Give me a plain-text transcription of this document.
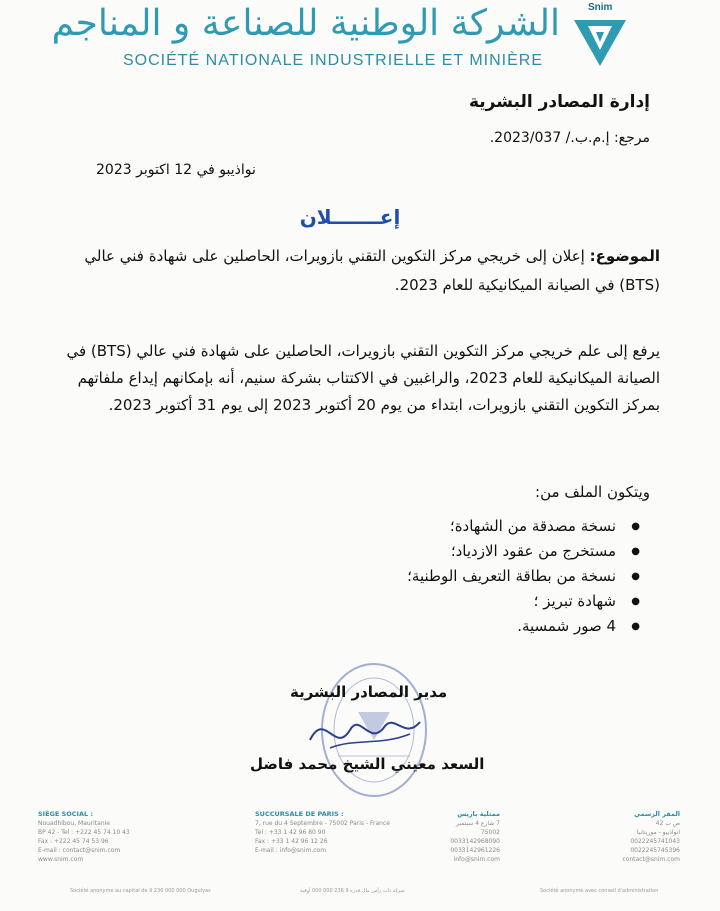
الشركة الوطنية للصناعة و المناجم
SOCIÉTÉ NATIONALE INDUSTRIELLE ET MINIÈRE
Snim
إدارة المصادر البشرية
مرجع: إ.م.ب./ 2023/037.
نواذيبو في 12 اكتوبر 2023
إعـــــــلان
الموضوع: إعلان إلى خريجي مركز التكوين التقني بازويرات، الحاصلين على شهادة فني عالي (BTS) في الصيانة الميكانيكية للعام 2023.
يرفع إلى علم خريجي مركز التكوين التقني بازويرات، الحاصلين على شهادة فني عالي (BTS) في الصيانة الميكانيكية للعام 2023، والراغبين في الاكتتاب بشركة سنيم، أنه بإمكانهم إيداع ملفاتهم بمركز التكوين التقني بازويرات، ابتداء من يوم 20 أكتوبر 2023 إلى يوم 31 أكتوبر 2023.
ويتكون الملف من:
● نسخة مصدقة من الشهادة؛
● مستخرج من عقود الازدياد؛
● نسخة من بطاقة التعريف الوطنية؛
● شهادة تبريز ؛
● 4 صور شمسية.
مدير المصادر البشرية
السعد معيني الشيخ محمد فاضل
SIÈGE SOCIAL :
Nouadhibou, Mauritanie
BP 42 - Tel : +222 45 74 10 43
Fax : +222 45 74 53 96
E-mail : contact@snim.com
www.snim.com
SUCCURSALE DE PARIS :
7, rue du 4 Septembre - 75002 Paris - France
Tel : +33 1 42 96 80 90
Fax : +33 1 42 96 12 26
E-mail : info@snim.com
ممثلية باريس
7 شارع 4 سبتمبر
75002
0033142968090
0033142961226
info@snim.com
المقر الرسمي
ص ب 42
انواذيبو - موريتانيا
0022245741043
0022245745396
contact@snim.com
Société anonyme au capital de 9 236 000 000 Ouguiyas	شركة ذات رأس مال قدره 9 236 000 000 أوقية	Société anonyme avec conseil d'administration
